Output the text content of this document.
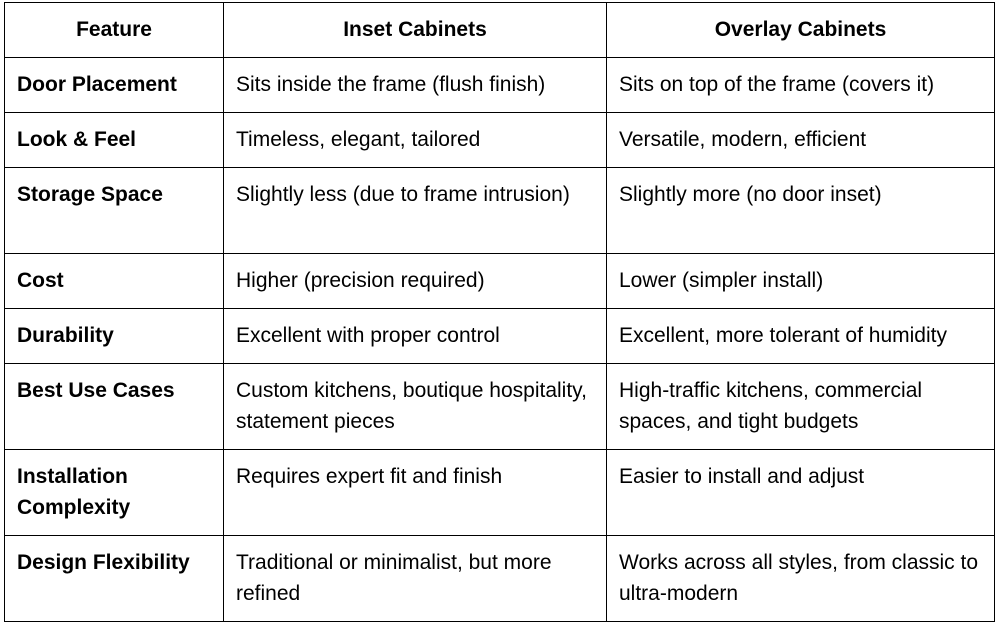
Feature	Inset Cabinets	Overlay Cabinets
Door Placement	Sits inside the frame (flush finish)	Sits on top of the frame (covers it)
Look & Feel	Timeless, elegant, tailored	Versatile, modern, efficient
Storage Space	Slightly less (due to frame intrusion)	Slightly more (no door inset)
Cost	Higher (precision required)	Lower (simpler install)
Durability	Excellent with proper control	Excellent, more tolerant of humidity
Best Use Cases	Custom kitchens, boutique hospitality, statement pieces	High-traffic kitchens, commercial spaces, and tight budgets
Installation Complexity	Requires expert fit and finish	Easier to install and adjust
Design Flexibility	Traditional or minimalist, but more refined	Works across all styles, from classic to ultra-modern
